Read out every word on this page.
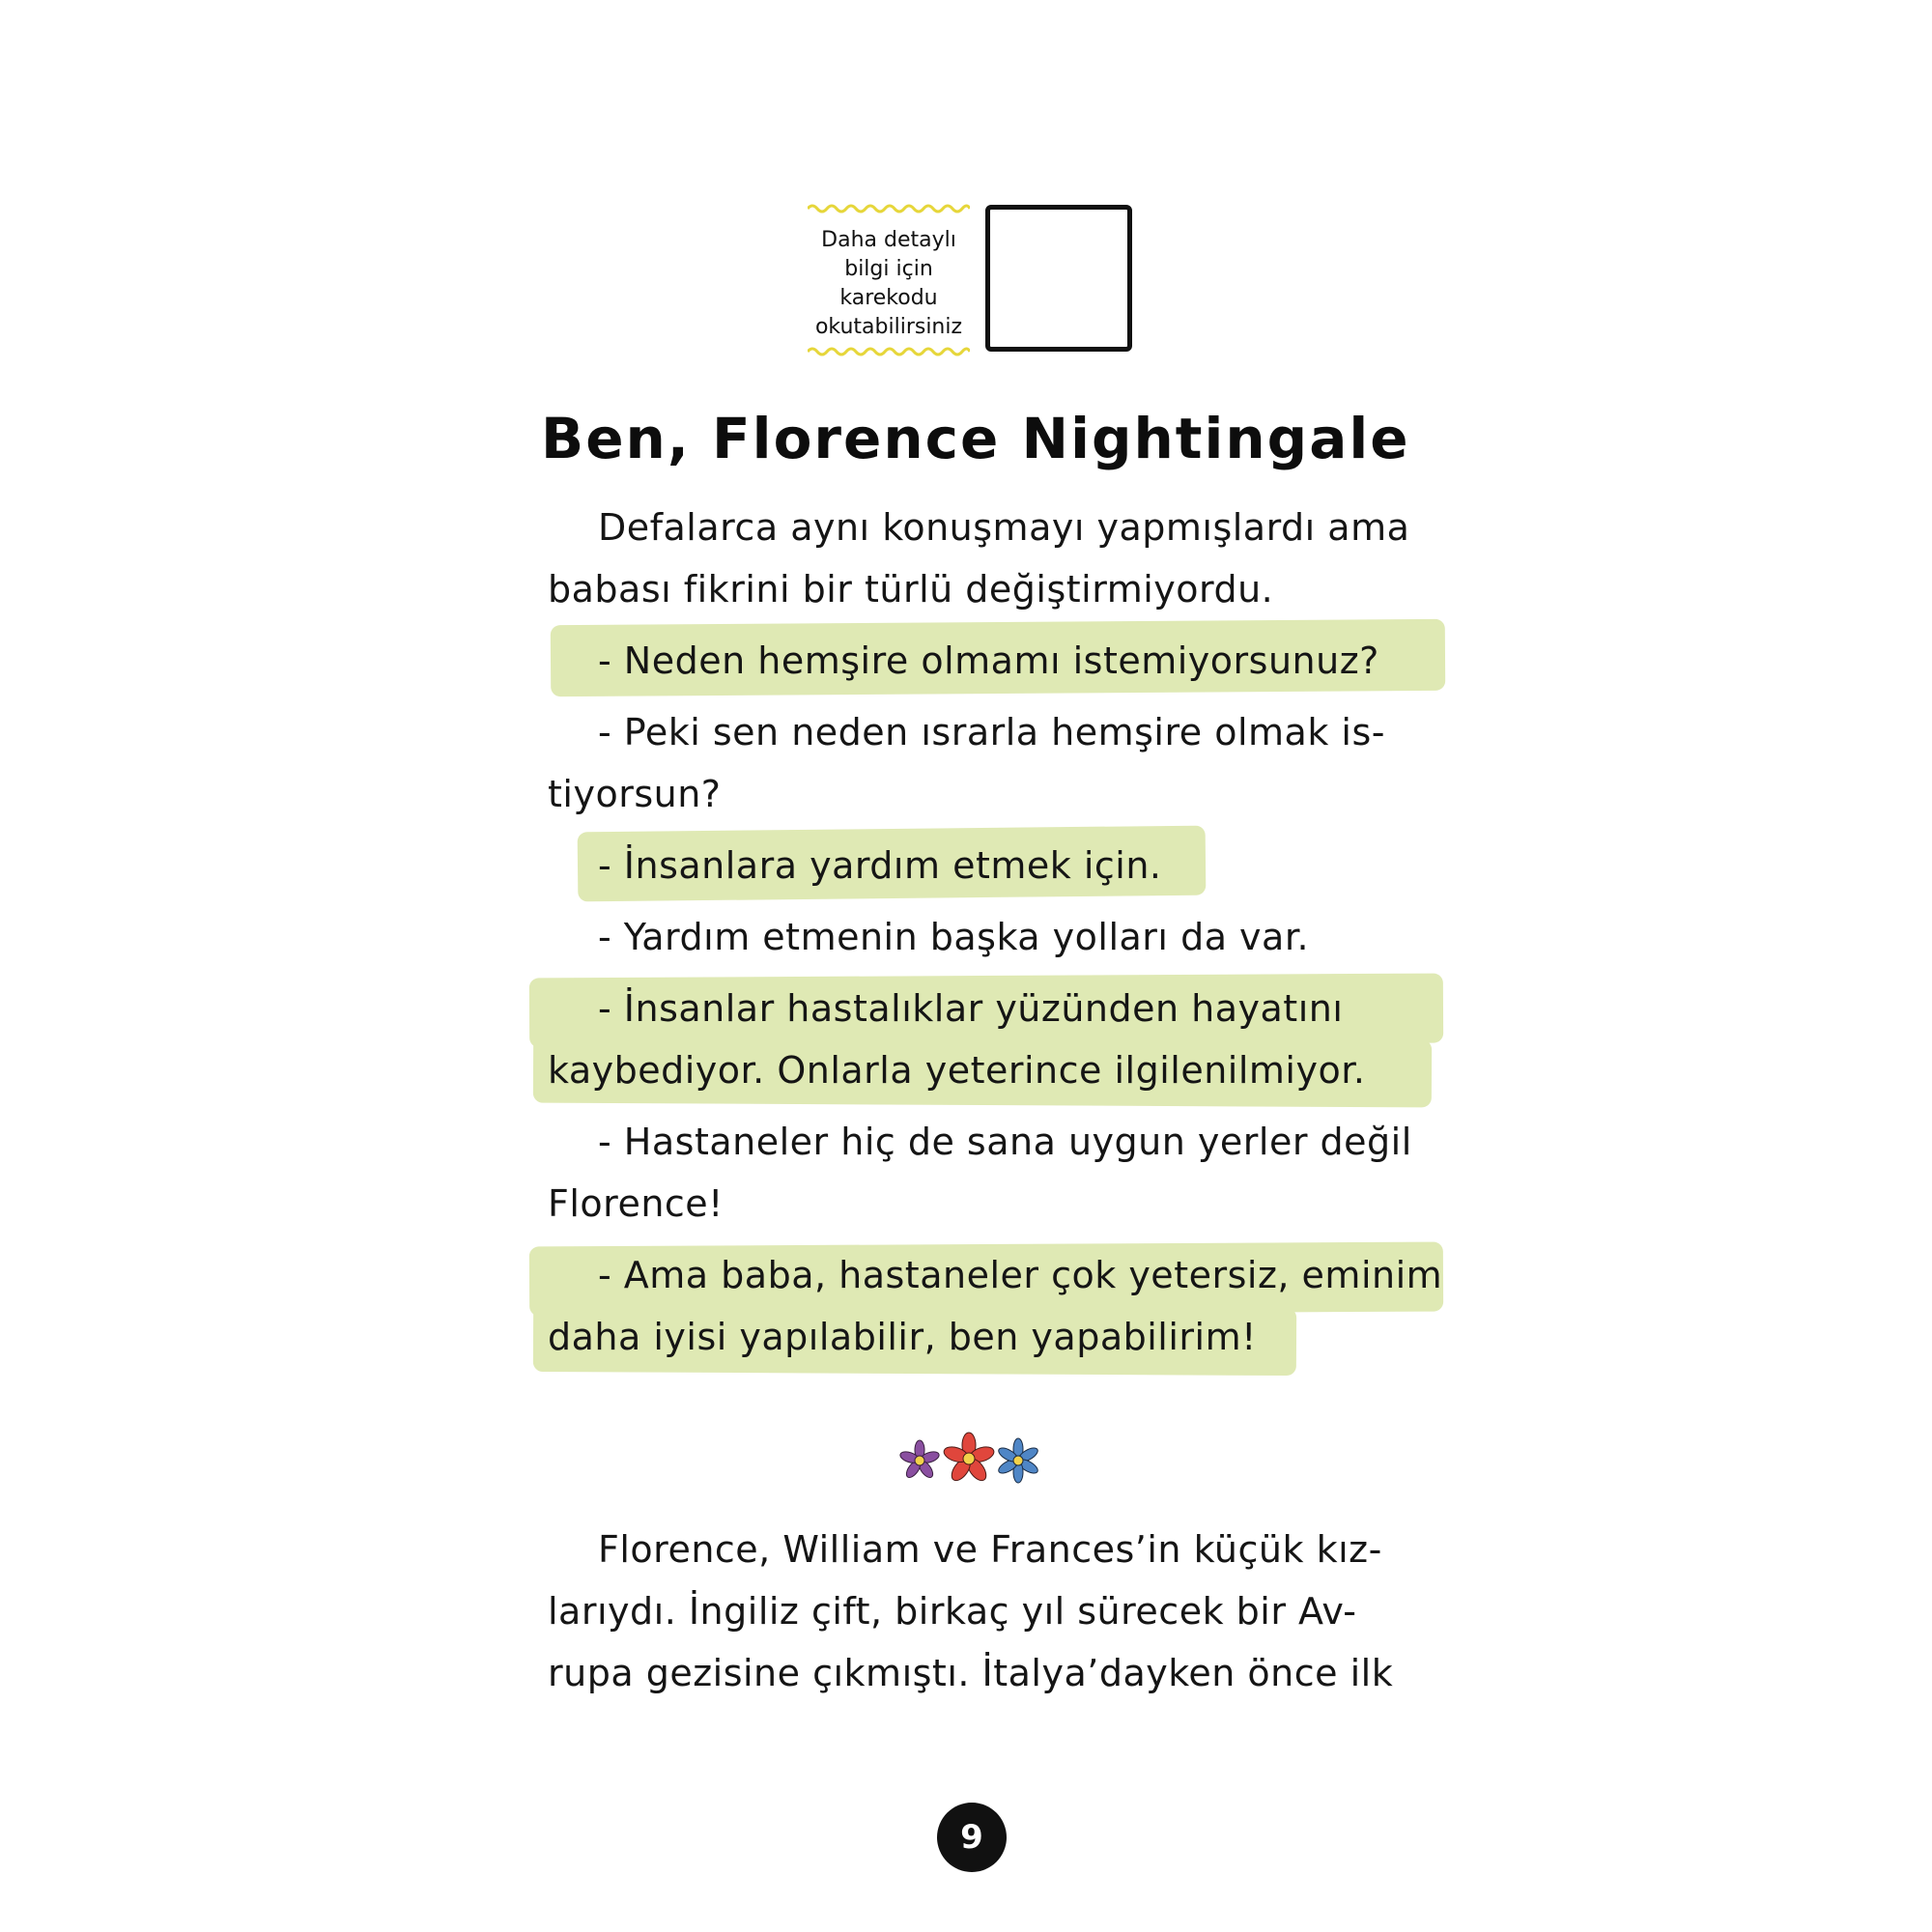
Daha detaylı
bilgi için
karekodu
okutabilirsiniz
Ben, Florence Nightingale
Defalarca aynı konuşmayı yapmışlardı ama
babası fikrini bir türlü değiştirmiyordu.
- Neden hemşire olmamı istemiyorsunuz?
- Peki sen neden ısrarla hemşire olmak is-
tiyorsun?
- İnsanlara yardım etmek için.
- Yardım etmenin başka yolları da var.
- İnsanlar hastalıklar yüzünden hayatını
kaybediyor. Onlarla yeterince ilgilenilmiyor.
- Hastaneler hiç de sana uygun yerler değil
Florence!
- Ama baba, hastaneler çok yetersiz, eminim
daha iyisi yapılabilir, ben yapabilirim!
Florence, William ve Frances’in küçük kız-
larıydı. İngiliz çift, birkaç yıl sürecek bir Av-
rupa gezisine çıkmıştı. İtalya’dayken önce ilk
9
